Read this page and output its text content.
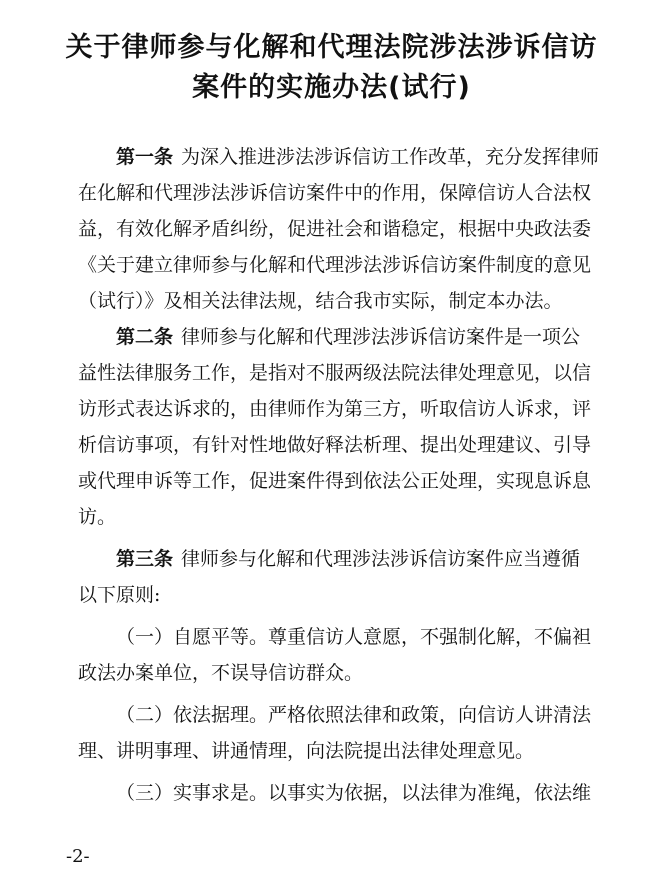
关于律师参与化解和代理法院涉法涉诉信访
案件的实施办法(试行)
第一条 为深入推进涉法涉诉信访工作改革，充分发挥律师
在化解和代理涉法涉诉信访案件中的作用，保障信访人合法权
益，有效化解矛盾纠纷，促进社会和谐稳定，根据中央政法委
《关于建立律师参与化解和代理涉法涉诉信访案件制度的意见
（试行）》及相关法律法规，结合我市实际，制定本办法。
第二条 律师参与化解和代理涉法涉诉信访案件是一项公
益性法律服务工作，是指对不服两级法院法律处理意见，以信
访形式表达诉求的，由律师作为第三方，听取信访人诉求，评
析信访事项，有针对性地做好释法析理、提出处理建议、引导
或代理申诉等工作，促进案件得到依法公正处理，实现息诉息
访。
第三条 律师参与化解和代理涉法涉诉信访案件应当遵循
以下原则:
（一）自愿平等。尊重信访人意愿，不强制化解，不偏袒
政法办案单位，不误导信访群众。
（二）依法据理。严格依照法律和政策，向信访人讲清法
理、讲明事理、讲通情理，向法院提出法律处理意见。
（三）实事求是。以事实为依据，以法律为准绳，依法维
-2-
